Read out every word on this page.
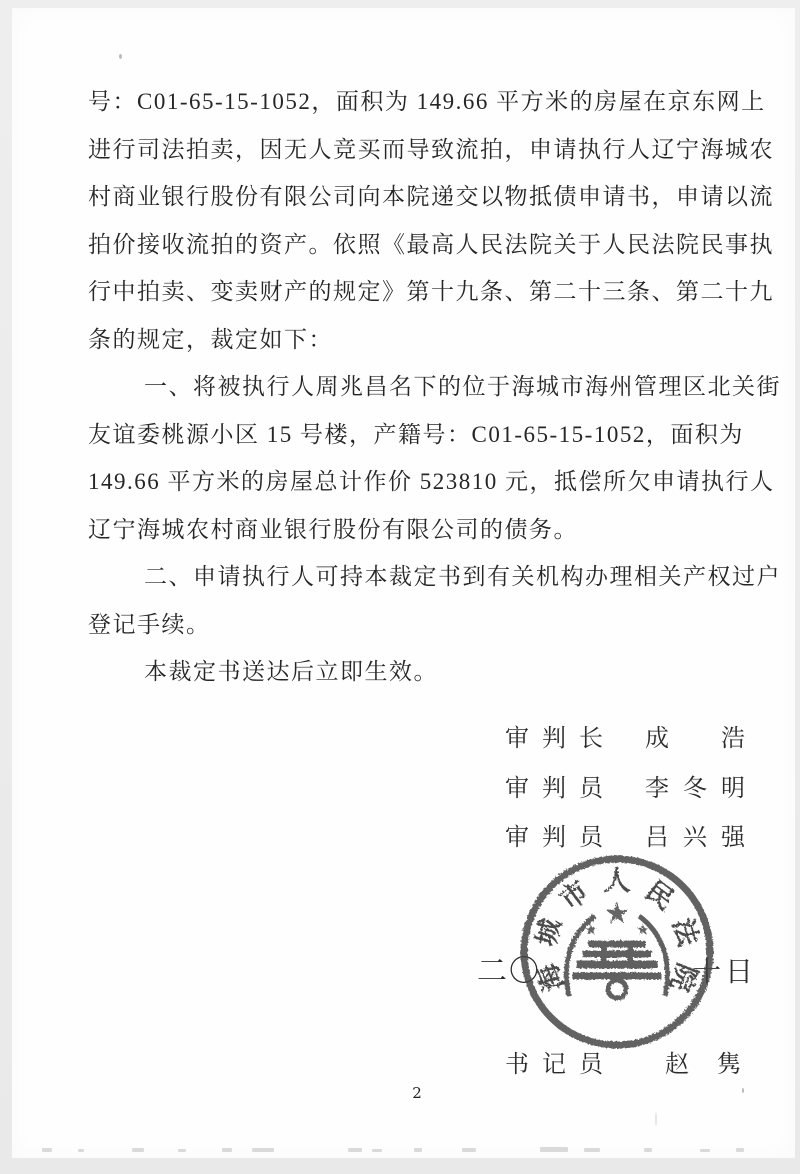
号：C01-65-15-1052，面积为 149.66 平方米的房屋在京东网上
进行司法拍卖，因无人竞买而导致流拍，申请执行人辽宁海城农
村商业银行股份有限公司向本院递交以物抵债申请书，申请以流
拍价接收流拍的资产。依照《最高人民法院关于人民法院民事执
行中拍卖、变卖财产的规定》第十九条、第二十三条、第二十九
条的规定，裁定如下：
一、将被执行人周兆昌名下的位于海城市海州管理区北关街
友谊委桃源小区 15 号楼，产籍号：C01-65-15-1052，面积为
149.66 平方米的房屋总计作价 523810 元，抵偿所欠申请执行人
辽宁海城农村商业银行股份有限公司的债务。
二、申请执行人可持本裁定书到有关机构办理相关产权过户
登记手续。
本裁定书送达后立即生效。
审判长 成 浩
审判员 李 冬 明
审判员 吕 兴 强
二〇	十日
书记员 赵 隽
海
城
市 人 民
法
院
★
★	★
2
